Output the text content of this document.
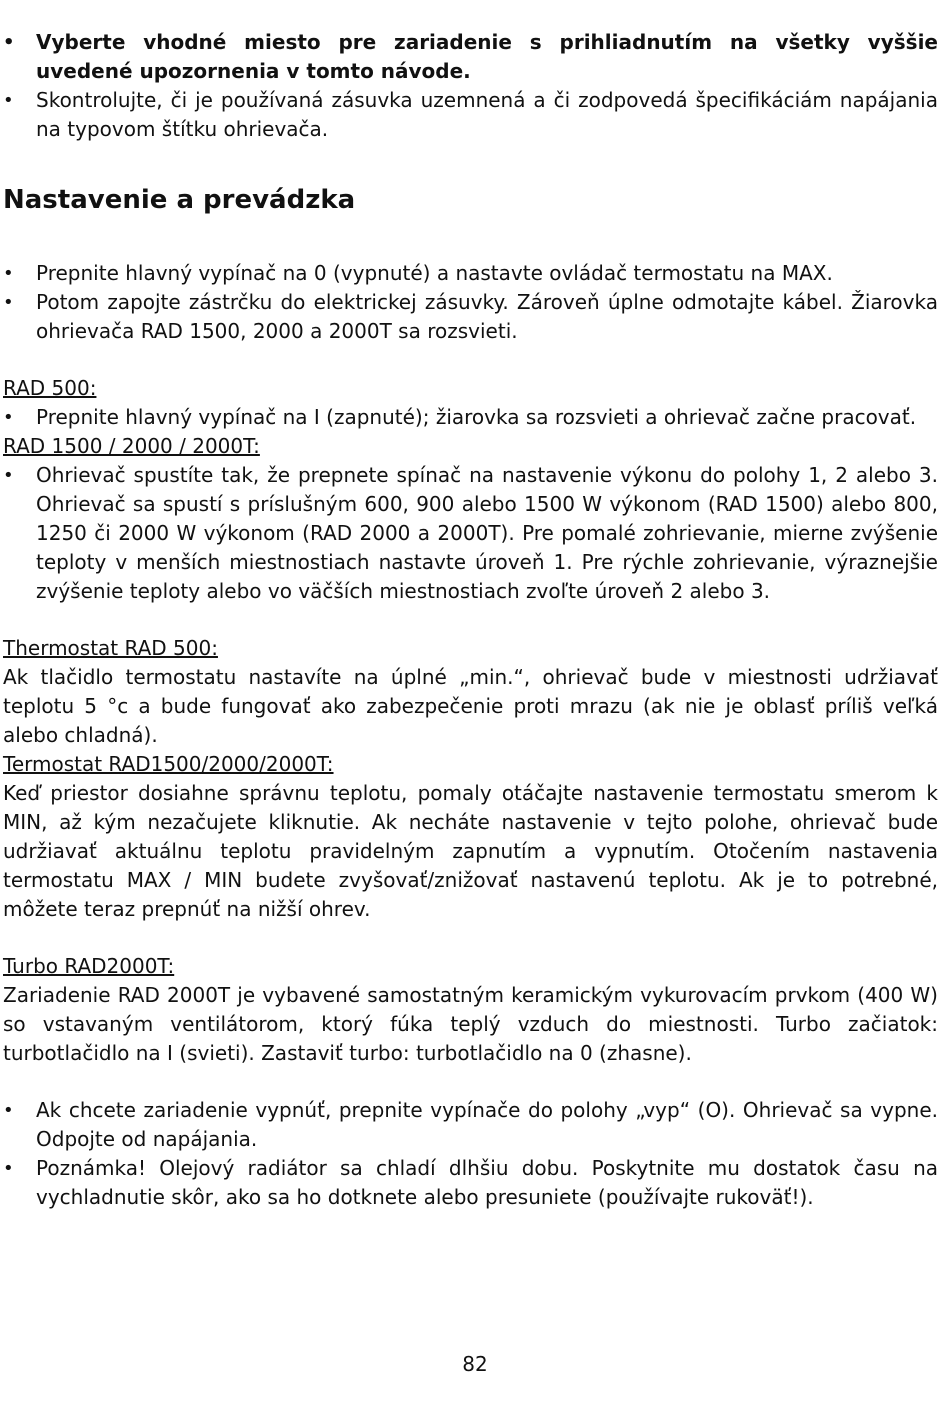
• Vyberte vhodné miesto pre zariadenie s prihliadnutím na všetky vyššie uvedené upozornenia v tomto návode.
• Skontrolujte, či je používaná zásuvka uzemnená a či zodpovedá špecifikáciám napájania na typovom štítku ohrievača.
Nastavenie a prevádzka
• Prepnite hlavný vypínač na 0 (vypnuté) a nastavte ovládač termostatu na MAX.
• Potom zapojte zástrčku do elektrickej zásuvky. Zároveň úplne odmotajte kábel. Žiarovka ohrievača RAD 1500, 2000 a 2000T sa rozsvieti.
RAD 500:
• Prepnite hlavný vypínač na I (zapnuté); žiarovka sa rozsvieti a ohrievač začne pracovať.
RAD 1500 / 2000 / 2000T:
• Ohrievač spustíte tak, že prepnete spínač na nastavenie výkonu do polohy 1, 2 alebo 3. Ohrievač sa spustí s príslušným 600, 900 alebo 1500 W výkonom (RAD 1500) alebo 800, 1250 či 2000 W výkonom (RAD 2000 a 2000T). Pre pomalé zohrievanie, mierne zvýšenie teploty v menších miestnostiach nastavte úroveň 1. Pre rýchle zohrievanie, výraznejšie zvýšenie teploty alebo vo väčších miestnostiach zvoľte úroveň 2 alebo 3.
Thermostat RAD 500:

Ak tlačidlo termostatu nastavíte na úplné „min.“, ohrievač bude v miestnosti udržiavať teplotu 5 °c a bude fungovať ako zabezpečenie proti mrazu (ak nie je oblasť príliš veľká alebo chladná).

Termostat RAD1500/2000/2000T:

Keď priestor dosiahne správnu teplotu, pomaly otáčajte nastavenie termostatu smerom k MIN, až kým nezačujete kliknutie. Ak necháte nastavenie v tejto polohe, ohrievač bude udržiavať aktuálnu teplotu pravidelným zapnutím a vypnutím. Otočením nastavenia termostatu MAX / MIN budete zvyšovať/znižovať nastavenú teplotu. Ak je to potrebné, môžete teraz prepnúť na nižší ohrev.

Turbo RAD2000T:

Zariadenie RAD 2000T je vybavené samostatným keramickým vykurovacím prvkom (400 W) so vstavaným ventilátorom, ktorý fúka teplý vzduch do miestnosti. Turbo začiatok: turbotlačidlo na I (svieti). Zastaviť turbo: turbotlačidlo na 0 (zhasne).

• Ak chcete zariadenie vypnúť, prepnite vypínače do polohy „vyp“ (O). Ohrievač sa vypne. Odpojte od napájania.
• Poznámka! Olejový radiátor sa chladí dlhšiu dobu. Poskytnite mu dostatok času na vychladnutie skôr, ako sa ho dotknete alebo presuniete (používajte rukoväť!).
82
